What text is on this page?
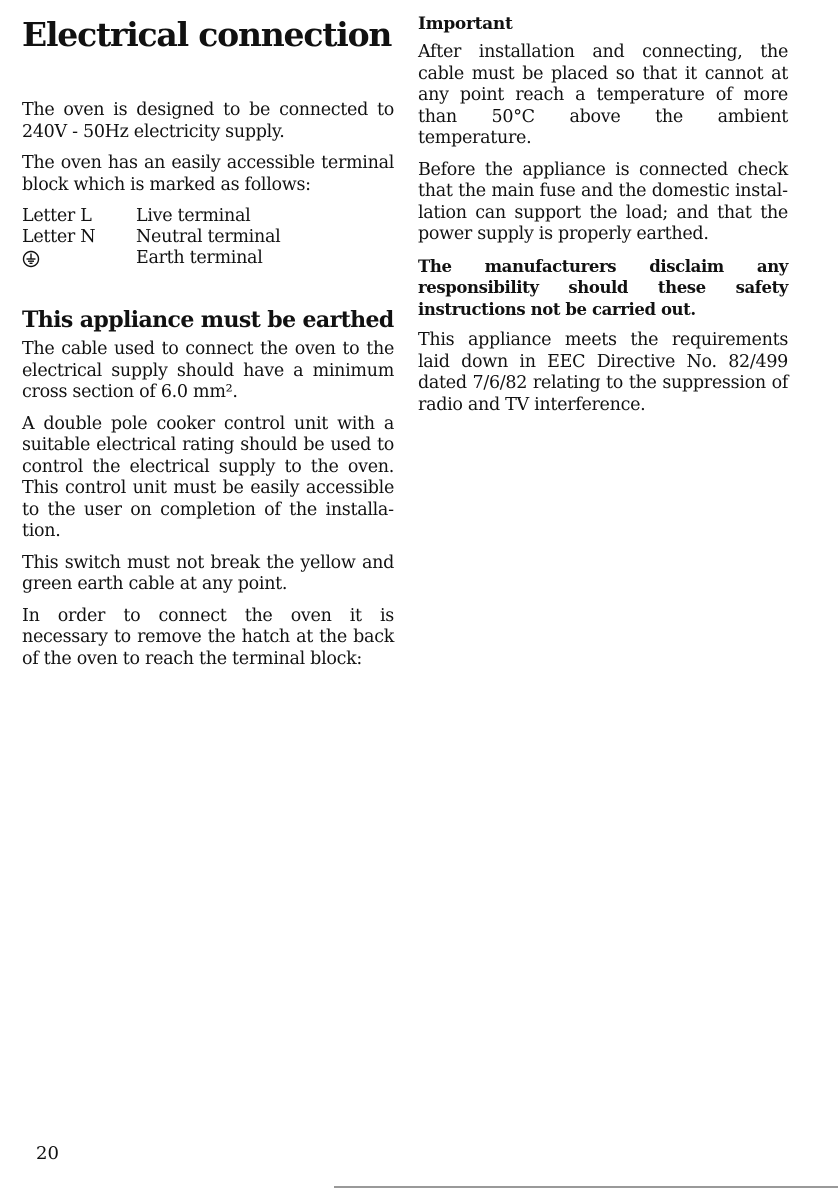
Electrical connection

The oven is designed to be connected to 240V - 50Hz electricity supply.

The oven has an easily accessible terminal block which is marked as follows:

Letter L	Live terminal
Letter N	Neutral terminal
Earth terminal
This appliance must be earthed

The cable used to connect the oven to the electrical supply should have a minimum cross section of 6.0 mm².

A double pole cooker control unit with a suitable electrical rating should be used to control the electrical supply to the oven. This control unit must be easily accessible to the user on completion of the installation.

This switch must not break the yellow and green earth cable at any point.

In order to connect the oven it is necessary to remove the hatch at the back of the oven to reach the terminal block:

Important

After installation and connecting, the cable must be placed so that it cannot at any point reach a temperature of more than 50°C above the ambient temperature.

Before the appliance is connected check that the main fuse and the domestic installation can support the load; and that the power supply is properly earthed.

The manufacturers disclaim any responsibility should these safety instructions not be carried out.

This appliance meets the requirements laid down in EEC Directive No. 82/499 dated 7/6/82 relating to the suppression of radio and TV interference.

20
